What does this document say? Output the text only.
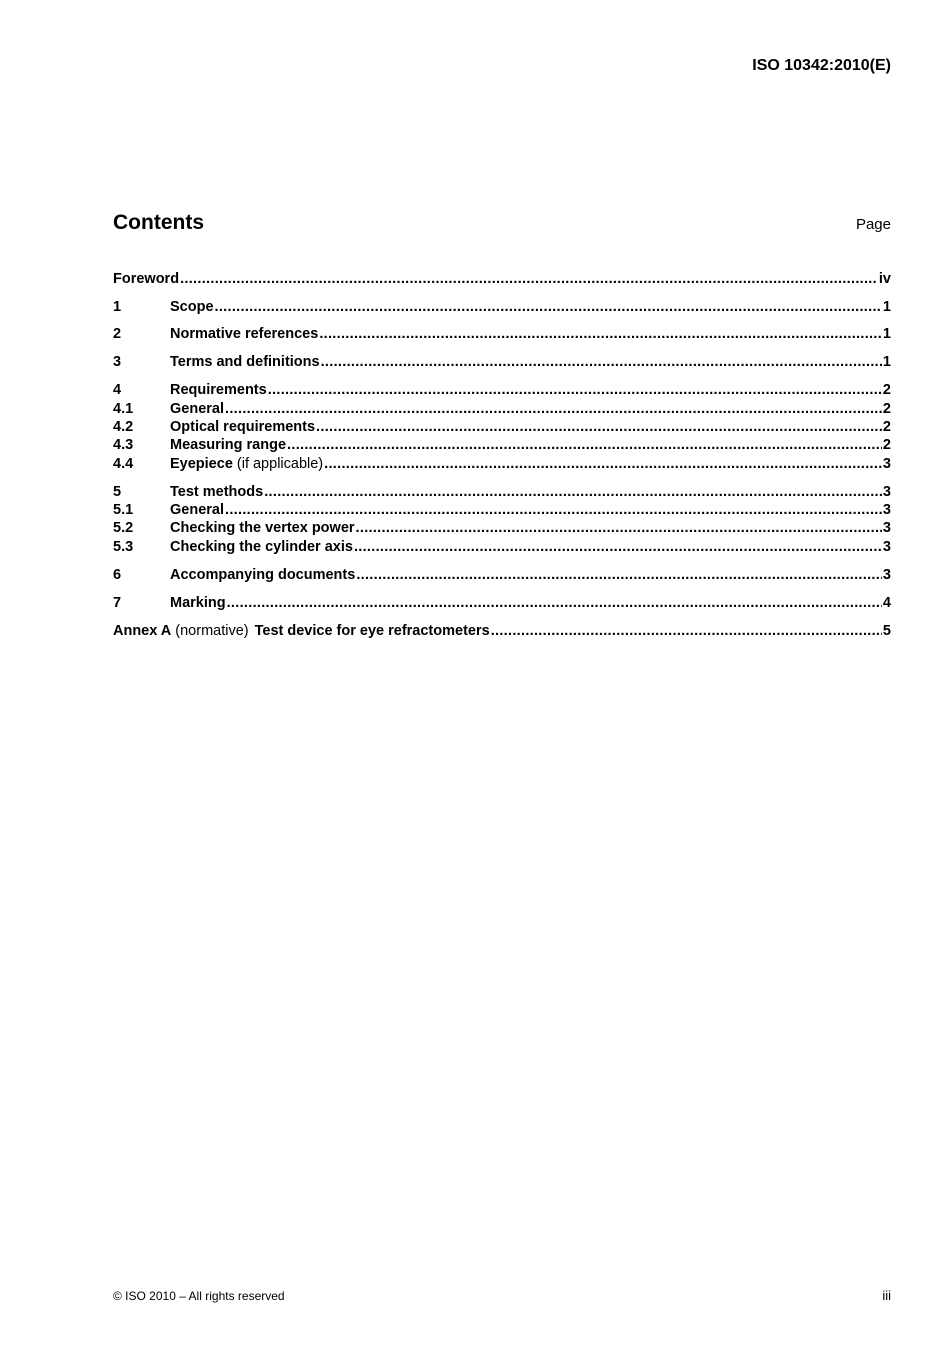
ISO 10342:2010(E)
Contents	Page
Foreword .....	iv
1	Scope .....	1
2	Normative references .....	1
3	Terms and definitions .....	1
4	Requirements .....	2
4.1	General .....	2
4.2	Optical requirements .....	2
4.3	Measuring range .....	2
4.4	Eyepiece (if applicable) .....	3
5	Test methods .....	3
5.1	General .....	3
5.2	Checking the vertex power .....	3
5.3	Checking the cylinder axis .....	3
6	Accompanying documents .....	3
7	Marking .....	4
Annex A (normative) Test device for eye refractometers .....	5
© ISO 2010 – All rights reserved	iii
